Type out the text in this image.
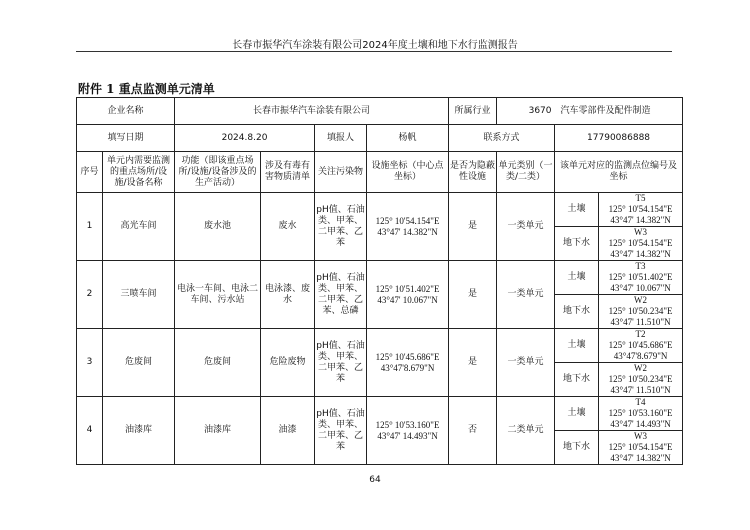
长春市振华汽车涂装有限公司2024年度土壤和地下水行监测报告
附件 1 重点监测单元清单
企业名称		长春市振华汽车涂装有限公司				所属行业	3670　汽车零部件及配件制造		
填写日期		2024.8.20		填报人	杨帆	联系方式		17790086888	
序号	单元内需要监测的重点场所/设施/设备名称	功能（即该重点场所/设施/设备涉及的生产活动）	涉及有毒有害物质清单	关注污染物	设施坐标（中心点坐标）	是否为隐蔽性设施	单元类别（一类/二类）	该单元对应的监测点位编号及坐标	
1	高光车间	废水池	废水	pH值、石油类、甲苯、二甲苯、乙苯	125° 10'54.154"E 43°47' 14.382"N	是	一类单元	土壤	T5
125° 10'54.154"E
43°47' 14.382"N

								地下水	W3
125° 10'54.154"E
43°47' 14.382"N

2	三喷车间	电泳一车间、电泳二车间、污水站	电泳漆、废水	pH值、石油类、甲苯、二甲苯、乙苯、总磷	125° 10'51.402"E 43°47' 10.067"N	是	一类单元	土壤	T3
125° 10'51.402"E
43°47' 10.067"N

								地下水	W2
125° 10'50.234"E
43°47' 11.510"N

3	危废间	危废间	危险废物	pH值、石油类、甲苯、二甲苯、乙苯	125° 10'45.686"E 43°47'8.679"N	是	一类单元	土壤	T2
125° 10'45.686"E
43°47'8.679"N

								地下水	W2
125° 10'50.234"E
43°47' 11.510"N

4	油漆库	油漆库	油漆	pH值、石油类、甲苯、二甲苯、乙苯	125° 10'53.160"E 43°47' 14.493"N	否	二类单元	土壤	T4
125° 10'53.160"E
43°47' 14.493"N

								地下水	W3
125° 10'54.154"E
43°47' 14.382"N
64
